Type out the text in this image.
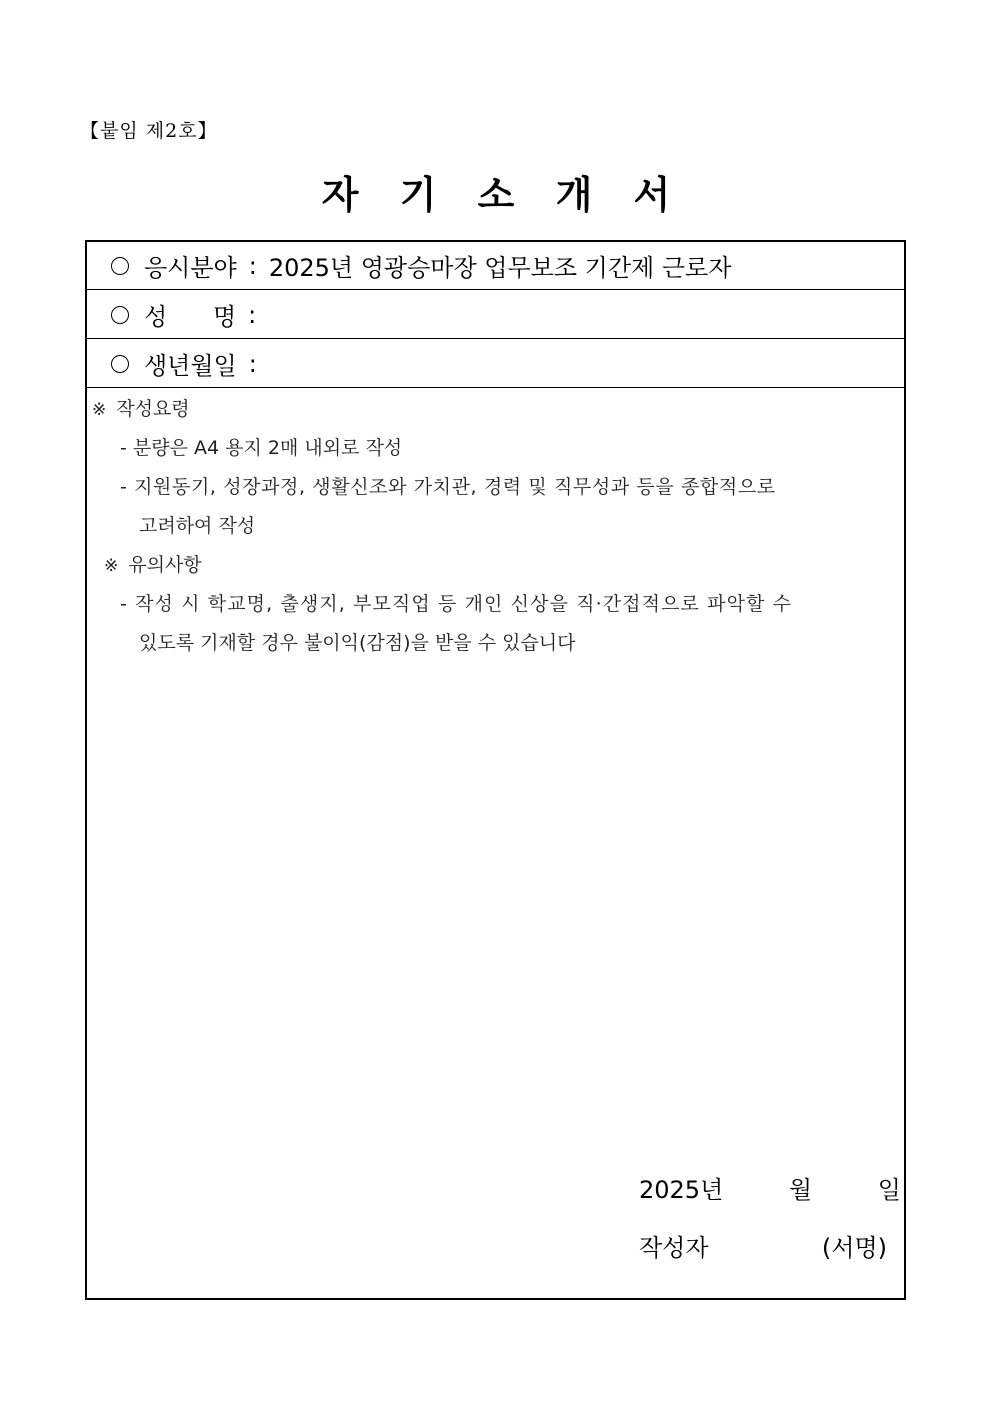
【붙임 제2호】
자 기 소 개 서
응시분야 : 2025년 영광승마장 업무보조 기간제 근로자
성      명 :
생년월일 :
※ 작성요령
- 분량은 A4 용지 2매 내외로 작성
- 지원동기, 성장과정, 생활신조와 가치관, 경력 및 직무성과 등을 종합적으로
고려하여 작성
※ 유의사항
- 작성 시 학교명, 출생지, 부모직업 등 개인 신상을 직·간접적으로 파악할 수
있도록 기재할 경우 불이익(감점)을 받을 수 있습니다
2025년	월	일
작성자	(서명)
